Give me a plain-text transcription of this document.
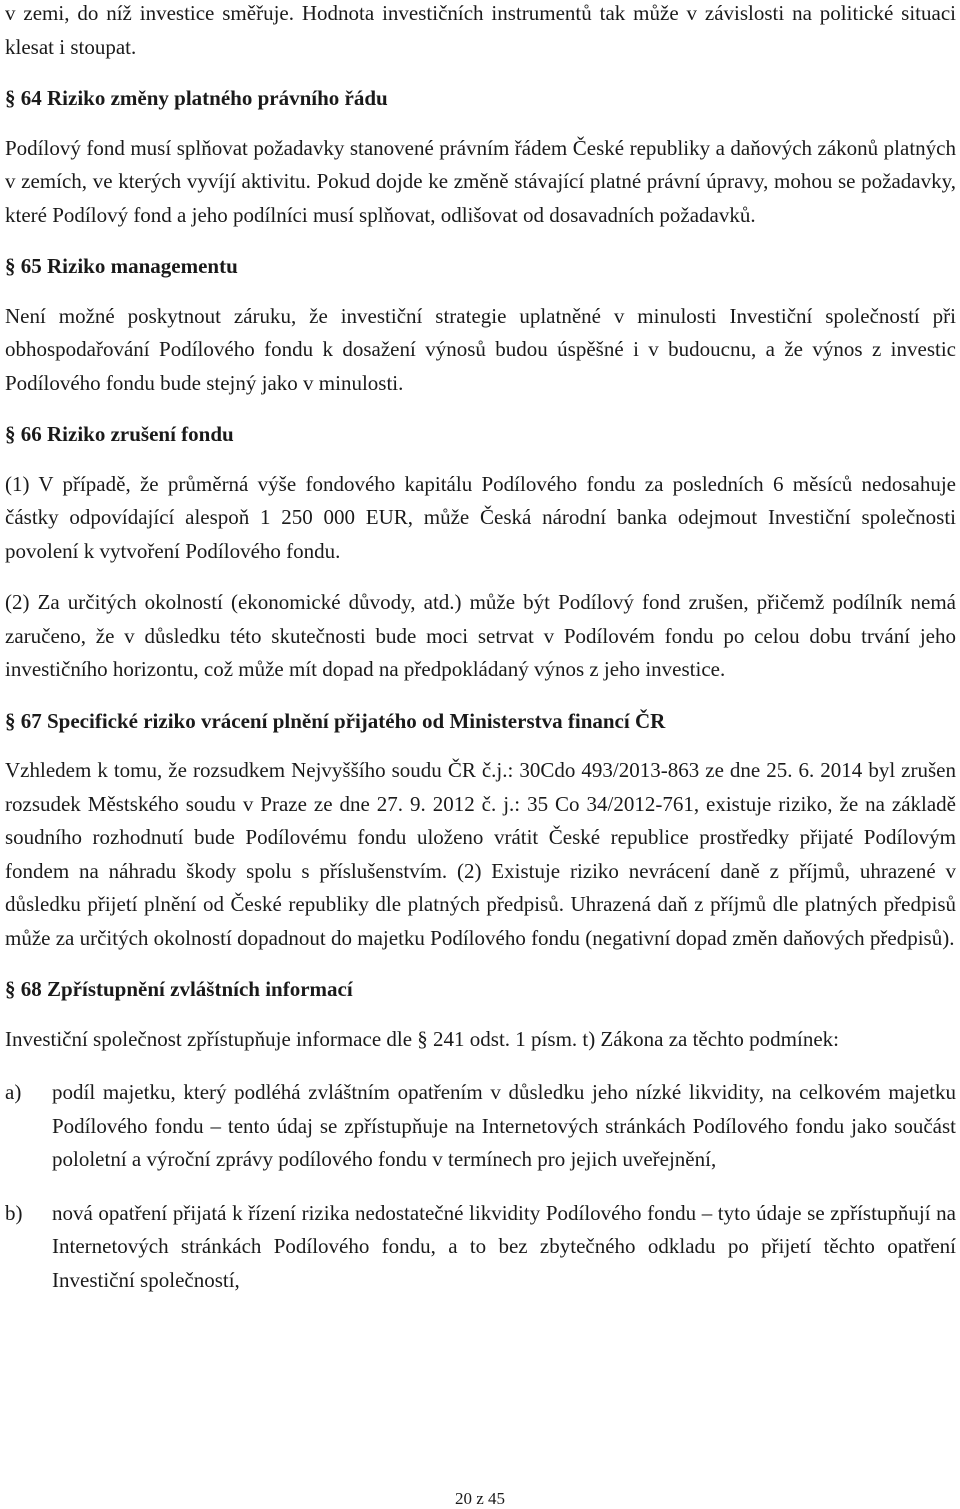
v zemi, do níž investice směřuje. Hodnota investičních instrumentů tak může v závislosti na politické situaci klesat i stoupat.

§ 64 Riziko změny platného právního řádu

Podílový fond musí splňovat požadavky stanovené právním řádem České republiky a daňových zákonů platných v zemích, ve kterých vyvíjí aktivitu. Pokud dojde ke změně stávající platné právní úpravy, mohou se požadavky, které Podílový fond a jeho podílníci musí splňovat, odlišovat od dosavadních požadavků.

§ 65 Riziko managementu

Není možné poskytnout záruku, že investiční strategie uplatněné v minulosti Investiční společností při obhospodařování Podílového fondu k dosažení výnosů budou úspěšné i v budoucnu, a že výnos z investic Podílového fondu bude stejný jako v minulosti.

§ 66 Riziko zrušení fondu

(1) V případě, že průměrná výše fondového kapitálu Podílového fondu za posledních 6 měsíců nedosahuje částky odpovídající alespoň 1 250 000 EUR, může Česká národní banka odejmout Investiční společnosti povolení k vytvoření Podílového fondu.

(2) Za určitých okolností (ekonomické důvody, atd.) může být Podílový fond zrušen, přičemž podílník nemá zaručeno, že v důsledku této skutečnosti bude moci setrvat v Podílovém fondu po celou dobu trvání jeho investičního horizontu, což může mít dopad na předpokládaný výnos z jeho investice.

§ 67 Specifické riziko vrácení plnění přijatého od Ministerstva financí ČR

Vzhledem k tomu, že rozsudkem Nejvyššího soudu ČR č.j.: 30Cdo 493/2013-863 ze dne 25. 6. 2014 byl zrušen rozsudek Městského soudu v Praze ze dne 27. 9. 2012 č. j.: 35 Co 34/2012-761, existuje riziko, že na základě soudního rozhodnutí bude Podílovému fondu uloženo vrátit České republice prostředky přijaté Podílovým fondem na náhradu škody spolu s příslušenstvím. (2) Existuje riziko nevrácení daně z příjmů, uhrazené v důsledku přijetí plnění od České republiky dle platných předpisů. Uhrazená daň z příjmů dle platných předpisů může za určitých okolností dopadnout do majetku Podílového fondu (negativní dopad změn daňových předpisů).

§ 68 Zpřístupnění zvláštních informací

Investiční společnost zpřístupňuje informace dle § 241 odst. 1 písm. t) Zákona za těchto podmínek:

a)	podíl majetku, který podléhá zvláštním opatřením v důsledku jeho nízké likvidity, na celkovém majetku Podílového fondu – tento údaj se zpřístupňuje na Internetových stránkách Podílového fondu jako součást pololetní a výroční zprávy podílového fondu v termínech pro jejich uveřejnění,
b)	nová opatření přijatá k řízení rizika nedostatečné likvidity Podílového fondu – tyto údaje se zpřístupňují na Internetových stránkách Podílového fondu, a to bez zbytečného odkladu po přijetí těchto opatření Investiční společností,
20 z 45
